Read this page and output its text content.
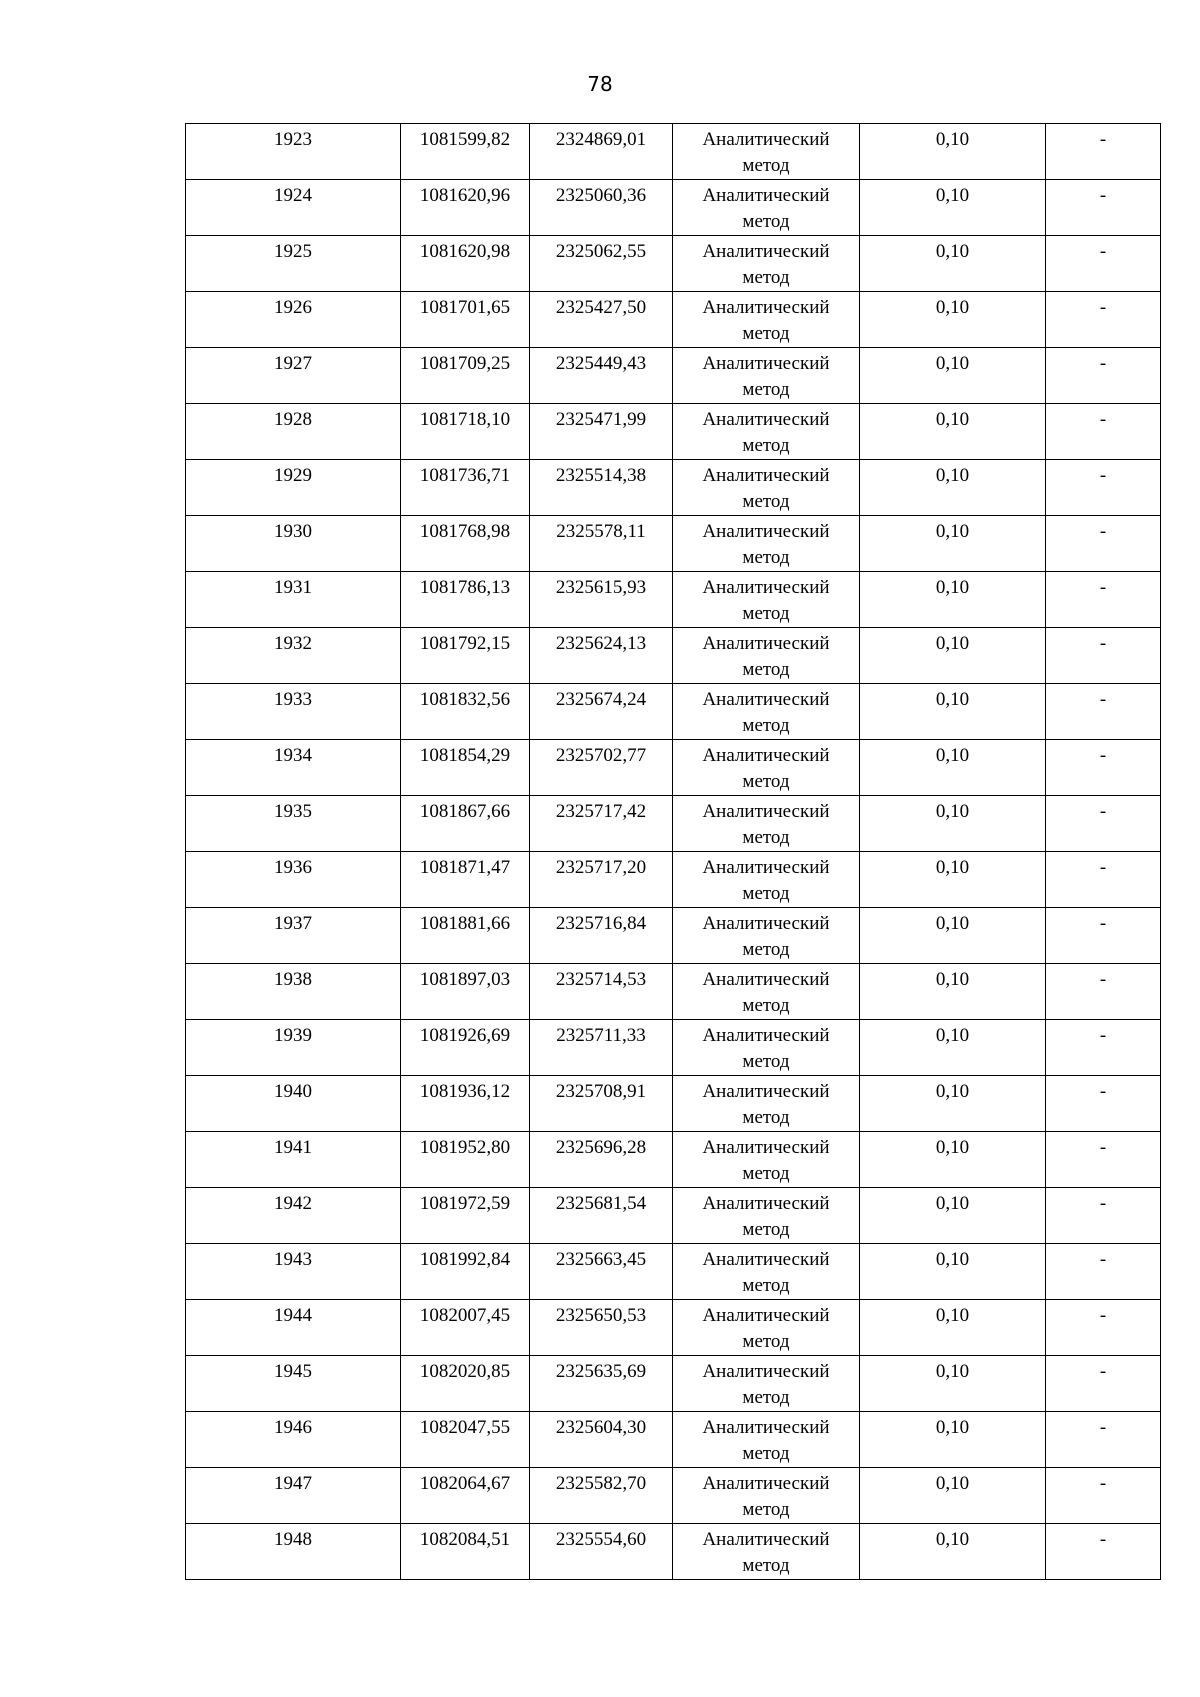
78
1923	1081599,82	2324869,01	Аналитический метод	0,10	-
1924	1081620,96	2325060,36	Аналитический метод	0,10	-
1925	1081620,98	2325062,55	Аналитический метод	0,10	-
1926	1081701,65	2325427,50	Аналитический метод	0,10	-
1927	1081709,25	2325449,43	Аналитический метод	0,10	-
1928	1081718,10	2325471,99	Аналитический метод	0,10	-
1929	1081736,71	2325514,38	Аналитический метод	0,10	-
1930	1081768,98	2325578,11	Аналитический метод	0,10	-
1931	1081786,13	2325615,93	Аналитический метод	0,10	-
1932	1081792,15	2325624,13	Аналитический метод	0,10	-
1933	1081832,56	2325674,24	Аналитический метод	0,10	-
1934	1081854,29	2325702,77	Аналитический метод	0,10	-
1935	1081867,66	2325717,42	Аналитический метод	0,10	-
1936	1081871,47	2325717,20	Аналитический метод	0,10	-
1937	1081881,66	2325716,84	Аналитический метод	0,10	-
1938	1081897,03	2325714,53	Аналитический метод	0,10	-
1939	1081926,69	2325711,33	Аналитический метод	0,10	-
1940	1081936,12	2325708,91	Аналитический метод	0,10	-
1941	1081952,80	2325696,28	Аналитический метод	0,10	-
1942	1081972,59	2325681,54	Аналитический метод	0,10	-
1943	1081992,84	2325663,45	Аналитический метод	0,10	-
1944	1082007,45	2325650,53	Аналитический метод	0,10	-
1945	1082020,85	2325635,69	Аналитический метод	0,10	-
1946	1082047,55	2325604,30	Аналитический метод	0,10	-
1947	1082064,67	2325582,70	Аналитический метод	0,10	-
1948	1082084,51	2325554,60	Аналитический метод	0,10	-
